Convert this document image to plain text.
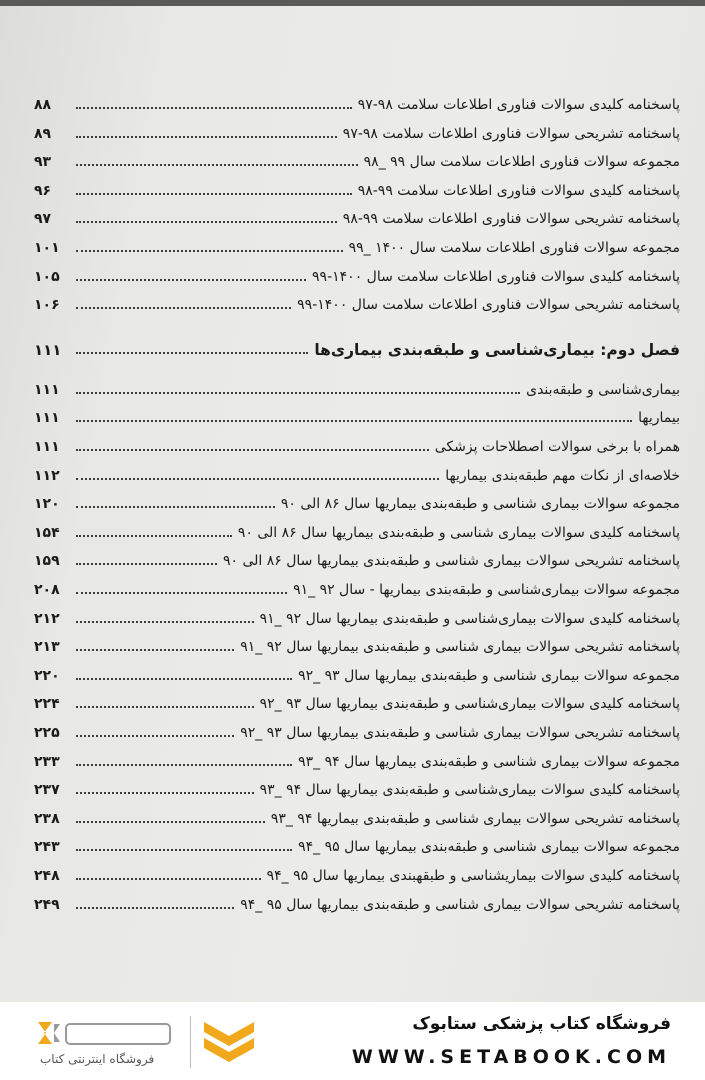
پاسخنامه کلیدی سوالات فناوری اطلاعات سلامت ۹۸-۹۷
۸۸
پاسخنامه تشریحی سوالات فناوری اطلاعات سلامت ۹۸-۹۷
۸۹
مجموعه سوالات فناوری اطلاعات سلامت سال ۹۹ _۹۸
۹۳
پاسخنامه کلیدی سوالات فناوری اطلاعات سلامت ۹۹-۹۸
۹۶
پاسخنامه تشریحی سوالات فناوری اطلاعات سلامت ۹۹-۹۸
۹۷
مجموعه سوالات فناوری اطلاعات سلامت سال ۱۴۰۰ _۹۹
۱۰۱
پاسخنامه کلیدی سوالات فناوری اطلاعات سلامت سال ۱۴۰۰-۹۹
۱۰۵
پاسخنامه تشریحی سوالات فناوری اطلاعات سلامت سال ۱۴۰۰-۹۹
۱۰۶
فصل دوم: بیماری‌شناسی و طبقه‌بندی بیماری‌ها
۱۱۱
بیماری‌شناسی و طبقه‌بندی
۱۱۱
بیماریها
۱۱۱
همراه با برخی سوالات اصطلاحات پزشکی
۱۱۱
خلاصه‌ای از نکات مهم طبقه‌بندی بیماریها
۱۱۲
مجموعه سوالات بیماری شناسی و طبقه‌بندی بیماریها سال ۸۶ الی ۹۰
۱۲۰
پاسخنامه کلیدی سوالات بیماری شناسی و طبقه‌بندی بیماریها سال ۸۶ الی ۹۰
۱۵۴
پاسخنامه تشریحی سوالات بیماری شناسی و طبقه‌بندی بیماریها سال ۸۶ الی ۹۰
۱۵۹
مجموعه سوالات بیماری‌شناسی و طبقه‌بندی بیماریها - سال ۹۲ _۹۱
۲۰۸
پاسخنامه کلیدی سوالات بیماری‌شناسی و طبقه‌بندی بیماریها سال ۹۲ _۹۱
۲۱۲
پاسخنامه تشریحی سوالات بیماری شناسی و طبقه‌بندی بیماریها سال ۹۲ _۹۱
۲۱۳
مجموعه سوالات بیماری شناسی و طبقه‌بندی بیماریها سال ۹۳ _۹۲
۲۲۰
پاسخنامه کلیدی سوالات بیماری‌شناسی و طبقه‌بندی بیماریها سال ۹۳ _۹۲
۲۲۴
پاسخنامه تشریحی سوالات بیماری شناسی و طبقه‌بندی بیماریها سال ۹۳ _۹۲
۲۲۵
مجموعه سوالات بیماری شناسی و طبقه‌بندی بیماریها سال ۹۴ _۹۳
۲۳۳
پاسخنامه کلیدی سوالات بیماری‌شناسی و طبقه‌بندی بیماریها سال ۹۴ _۹۳
۲۳۷
پاسخنامه تشریحی سوالات بیماری شناسی و طبقه‌بندی بیماریها ۹۴ _۹۳
۲۳۸
مجموعه سوالات بیماری شناسی و طبقه‌بندی بیماریها سال ۹۵ _۹۴
۲۴۳
پاسخنامه کلیدی سوالات بیماریشناسی و طبقهبندی بیماریها سال ۹۵ _۹۴
۲۴۸
پاسخنامه تشریحی سوالات بیماری شناسی و طبقه‌بندی بیماریها سال ۹۵ _۹۴
۲۴۹
فروشگاه اینترنتی کتاب
فروشگاه کتاب پزشکی ستابوک
WWW.SETABOOK.COM
